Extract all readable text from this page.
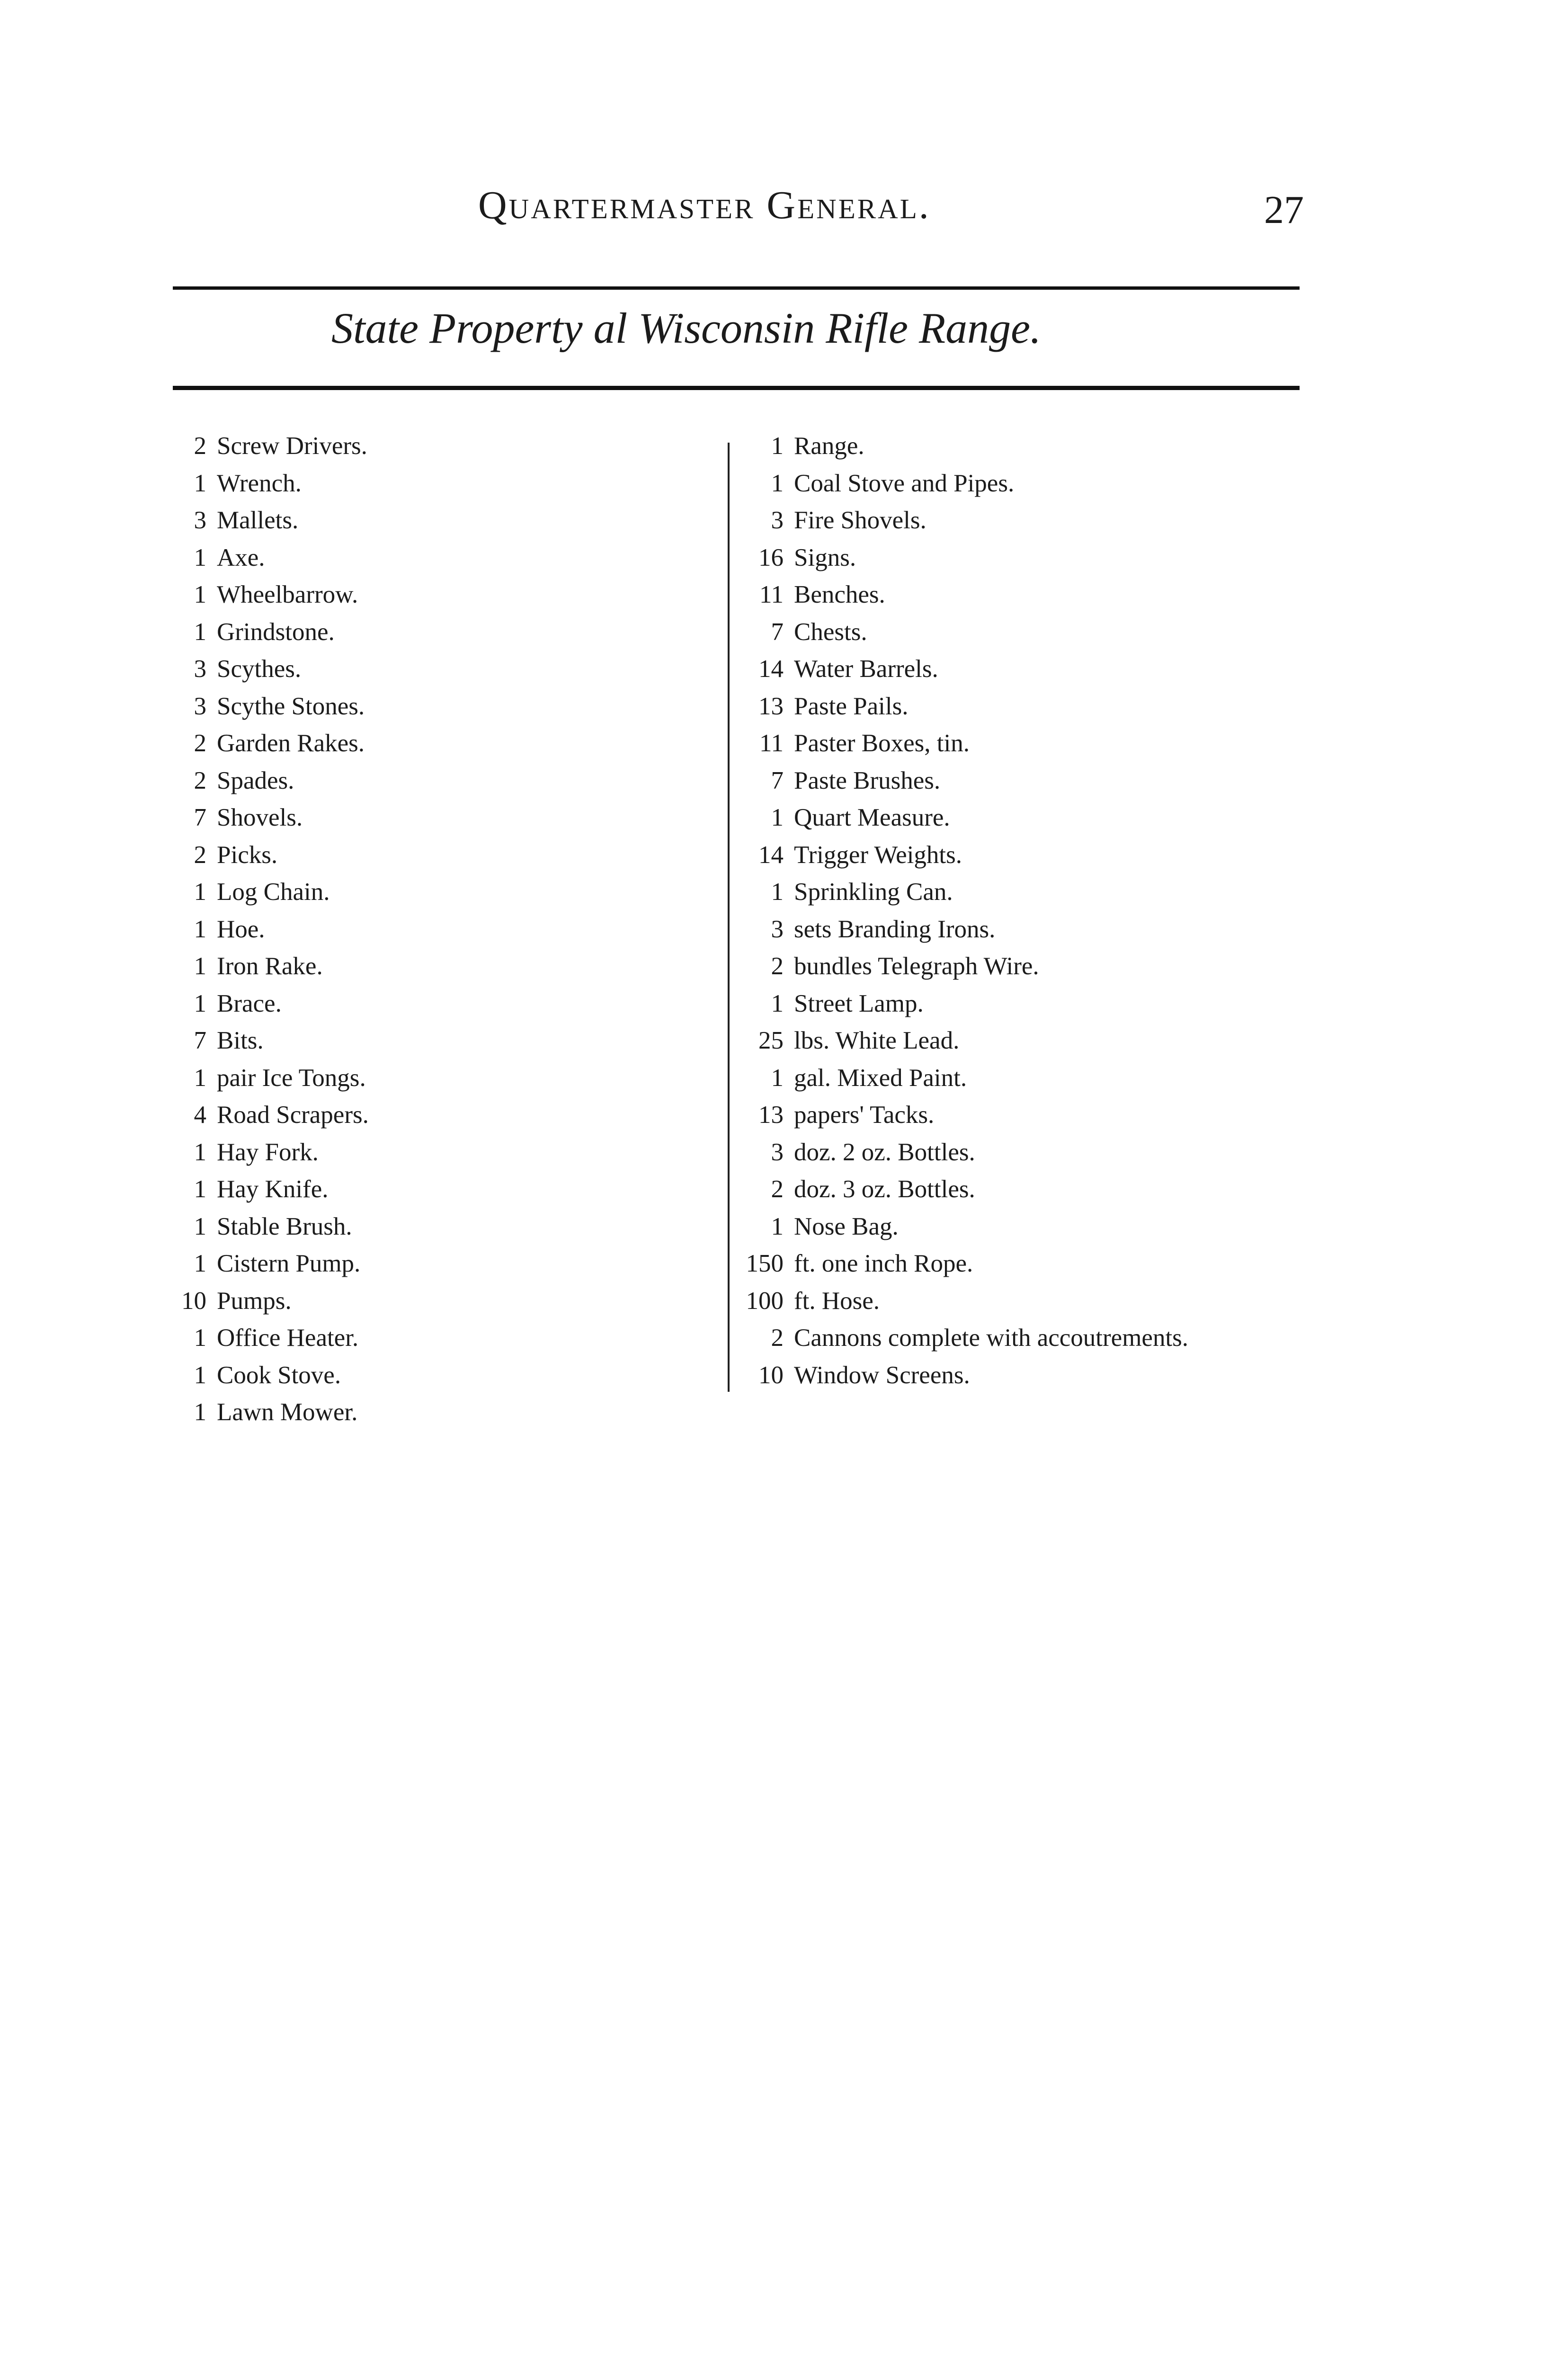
Quartermaster General.	27
State Property al Wisconsin Rifle Range.
2 Screw Drivers.
1 Wrench.
3 Mallets.
1 Axe.
1 Wheelbarrow.
1 Grindstone.
3 Scythes.
3 Scythe Stones.
2 Garden Rakes.
2 Spades.
7 Shovels.
2 Picks.
1 Log Chain.
1 Hoe.
1 Iron Rake.
1 Brace.
7 Bits.
1 pair Ice Tongs.
4 Road Scrapers.
1 Hay Fork.
1 Hay Knife.
1 Stable Brush.
1 Cistern Pump.
10 Pumps.
1 Office Heater.
1 Cook Stove.
1 Lawn Mower.
1 Range.
1 Coal Stove and Pipes.
3 Fire Shovels.
16 Signs.
11 Benches.
7 Chests.
14 Water Barrels.
13 Paste Pails.
11 Paster Boxes, tin.
7 Paste Brushes.
1 Quart Measure.
14 Trigger Weights.
1 Sprinkling Can.
3 sets Branding Irons.
2 bundles Telegraph Wire.
1 Street Lamp.
25 lbs. White Lead.
1 gal. Mixed Paint.
13 papers' Tacks.
3 doz. 2 oz. Bottles.
2 doz. 3 oz. Bottles.
1 Nose Bag.
150 ft. one inch Rope.
100 ft. Hose.
2 Cannons complete with accoutrements.
10 Window Screens.
